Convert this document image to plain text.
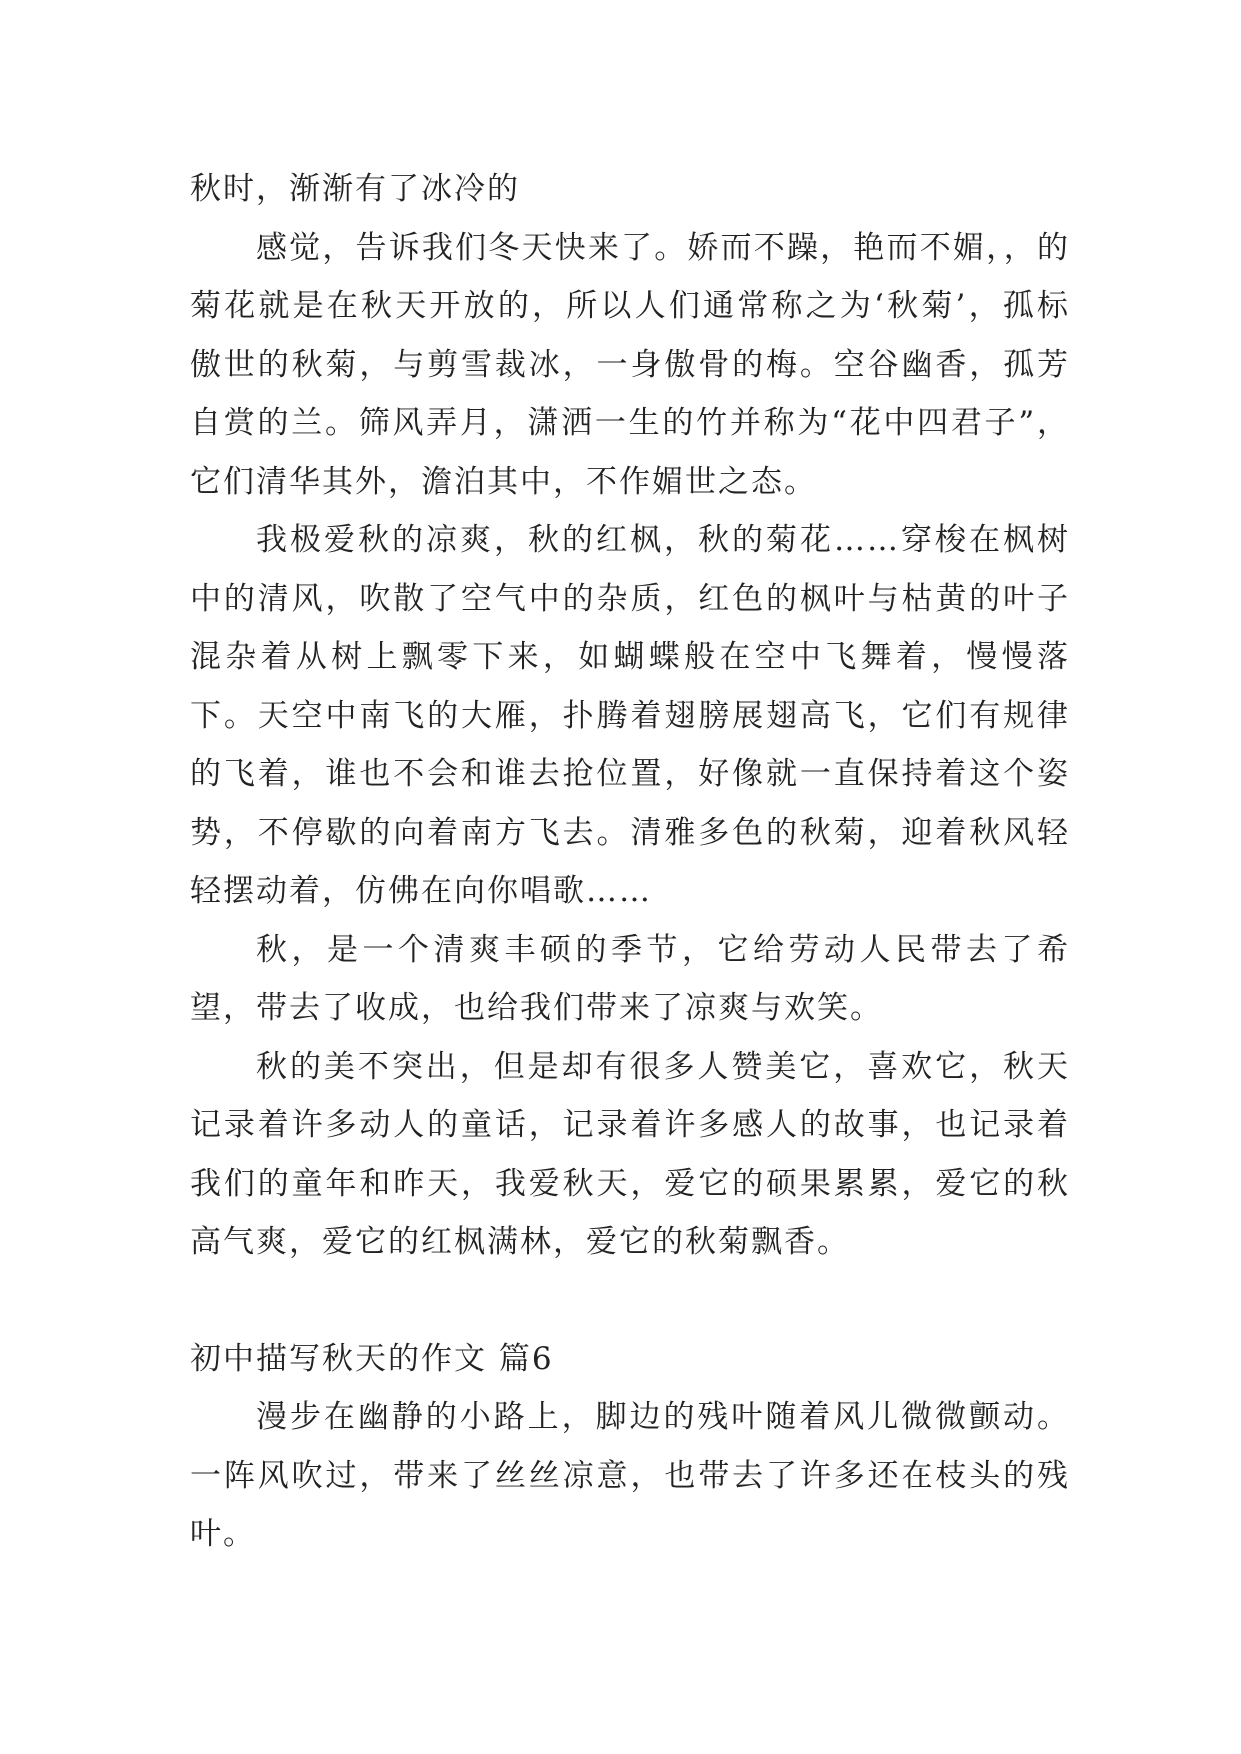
秋时，渐渐有了冰冷的

感觉，告诉我们冬天快来了。娇而不躁，艳而不媚，，的菊花就是在秋天开放的，所以人们通常称之为‘秋菊’，孤标傲世的秋菊，与剪雪裁冰，一身傲骨的梅。空谷幽香，孤芳自赏的兰。筛风弄月，潇洒一生的竹并称为“花中四君子”，它们清华其外，澹泊其中，不作媚世之态。

我极爱秋的凉爽，秋的红枫，秋的菊花……穿梭在枫树中的清风，吹散了空气中的杂质，红色的枫叶与枯黄的叶子混杂着从树上飘零下来，如蝴蝶般在空中飞舞着，慢慢落下。天空中南飞的大雁，扑腾着翅膀展翅高飞，它们有规律的飞着，谁也不会和谁去抢位置，好像就一直保持着这个姿势，不停歇的向着南方飞去。清雅多色的秋菊，迎着秋风轻轻摆动着，仿佛在向你唱歌……

秋，是一个清爽丰硕的季节，它给劳动人民带去了希望，带去了收成，也给我们带来了凉爽与欢笑。

秋的美不突出，但是却有很多人赞美它，喜欢它，秋天记录着许多动人的童话，记录着许多感人的故事，也记录着我们的童年和昨天，我爱秋天，爱它的硕果累累，爱它的秋高气爽，爱它的红枫满林，爱它的秋菊飘香。

初中描写秋天的作文 篇6

漫步在幽静的小路上，脚边的残叶随着风儿微微颤动。一阵风吹过，带来了丝丝凉意，也带去了许多还在枝头的残叶。
